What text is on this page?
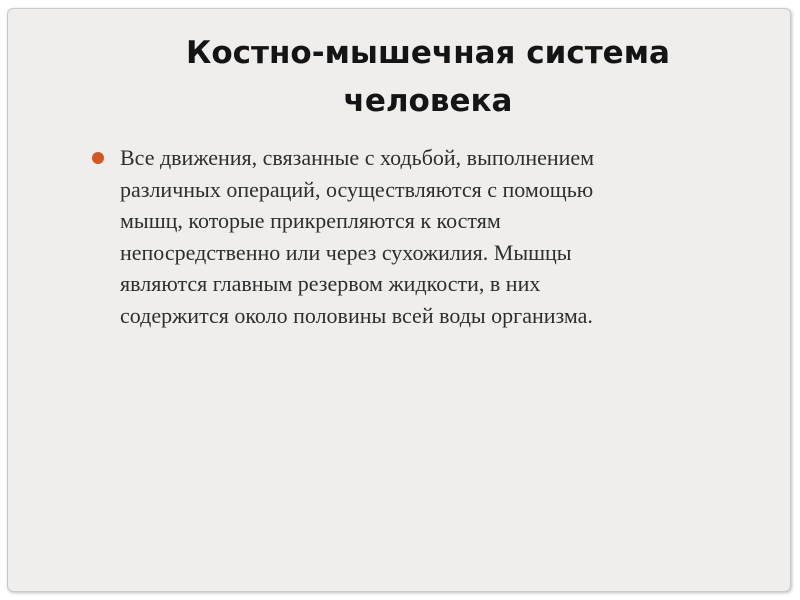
Костно-мышечная система
человека

Все движения, связанные с ходьбой, выполнением
различных операций, осуществляются с помощью
мышц, которые прикрепляются к костям
непосредственно или через сухожилия. Мышцы
являются главным резервом жидкости, в них
содержится около половины всей воды организма.
